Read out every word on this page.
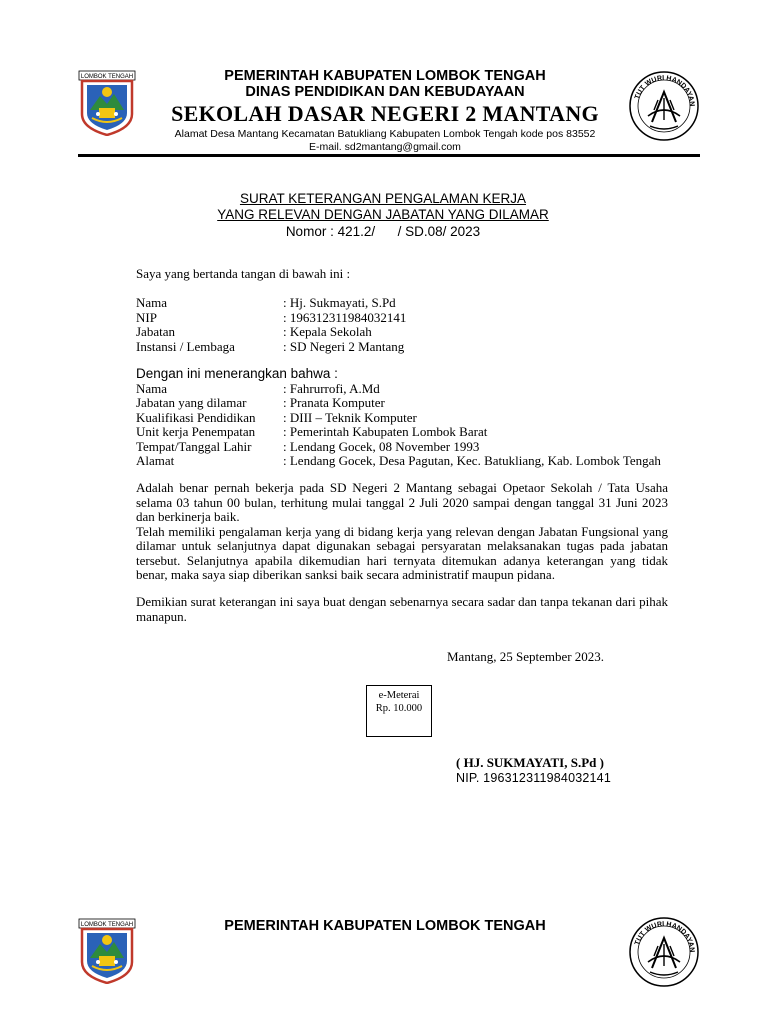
LOMBOK TENGAH
TUT WURI HANDAYAN
PEMERINTAH KABUPATEN LOMBOK TENGAH
DINAS PENDIDIKAN DAN KEBUDAYAAN
SEKOLAH DASAR NEGERI 2 MANTANG
Alamat Desa Mantang Kecamatan Batukliang Kabupaten Lombok Tengah kode pos 83552
E-mail. sd2mantang@gmail.com
SURAT KETERANGAN PENGALAMAN KERJA
YANG RELEVAN DENGAN JABATAN YANG DILAMAR
Nomor : 421.2/      / SD.08/ 2023

Saya yang bertanda tangan di bawah ini :

Nama	: Hj. Sukmayati, S.Pd
NIP	: 196312311984032141
Jabatan	: Kepala Sekolah
Instansi / Lembaga	: SD Negeri 2 Mantang
Dengan ini menerangkan bahwa :
Nama	: Fahrurrofi, A.Md
Jabatan yang dilamar	: Pranata Komputer
Kualifikasi Pendidikan	: DIII – Teknik Komputer
Unit kerja Penempatan	: Pemerintah Kabupaten Lombok Barat
Tempat/Tanggal Lahir	: Lendang Gocek, 08 November 1993
Alamat	: Lendang Gocek, Desa Pagutan, Kec. Batukliang, Kab. Lombok Tengah

Adalah benar pernah bekerja pada SD Negeri 2 Mantang sebagai Opetaor Sekolah / Tata Usaha selama 03 tahun 00 bulan, terhitung mulai tanggal 2 Juli 2020 sampai dengan tanggal 31 Juni 2023 dan berkinerja baik.

Telah memiliki pengalaman kerja yang di bidang kerja yang relevan dengan Jabatan Fungsional yang dilamar untuk selanjutnya dapat digunakan sebagai persyaratan melaksanakan tugas pada jabatan tersebut. Selanjutnya apabila dikemudian hari ternyata ditemukan adanya keterangan yang tidak benar, maka saya siap diberikan sanksi baik secara administratif maupun pidana.

Demikian surat keterangan ini saya buat dengan sebenarnya secara sadar dan tanpa tekanan dari pihak manapun.

Mantang, 25 September 2023.
e-Meterai
Rp. 10.000
( HJ. SUKMAYATI, S.Pd )
NIP. 196312311984032141
LOMBOK TENGAH	PEMERINTAH KABUPATEN LOMBOK TENGAH
TUT WURI HANDAYAN
